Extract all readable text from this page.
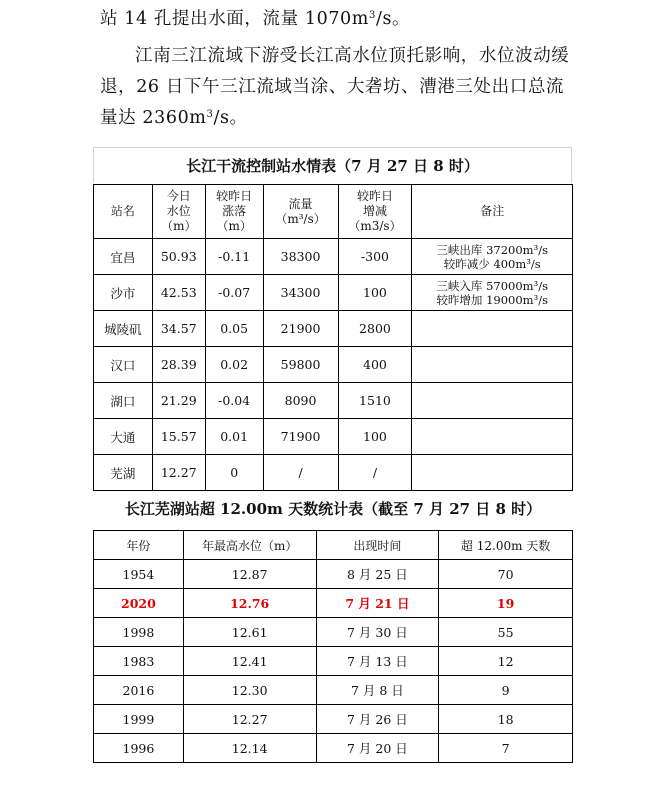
站 14 孔提出水面，流量 $1070m^3/s$。
江南三江流域下游受长江高水位顶托影响，水位波动缓退，26 日下午三江流域当涂、大砻坊、漕港三处出口总流量达 $2360m^3/s$。
长江干流控制站水情表（7 月 27 日 8 时）
站名	今日
水位
（m）	较昨日
涨落
（m）	流量
（m³/s）	较昨日
增减
（m3/s）	备注
宜昌	50.93	-0.11	38300	-300	三峡出库 37200m³/s
较昨减少 400m³/s
沙市	42.53	-0.07	34300	100	三峡入库 57000m³/s
较昨增加 19000m³/s
城陵矶	34.57	0.05	21900	2800	
汉口	28.39	0.02	59800	400	
湖口	21.29	-0.04	8090	1510	
大通	15.57	0.01	71900	100	
芜湖	12.27	0	/	/	
长江芜湖站超 12.00m 天数统计表（截至 7 月 27 日 8 时）
年份	年最高水位（m）	出现时间	超 12.00m 天数
1954	12.87	8 月 25 日	70
2020	12.76	7 月 21 日	19
1998	12.61	7 月 30 日	55
1983	12.41	7 月 13 日	12
2016	12.30	7 月 8 日	9
1999	12.27	7 月 26 日	18
1996	12.14	7 月 20 日	7
